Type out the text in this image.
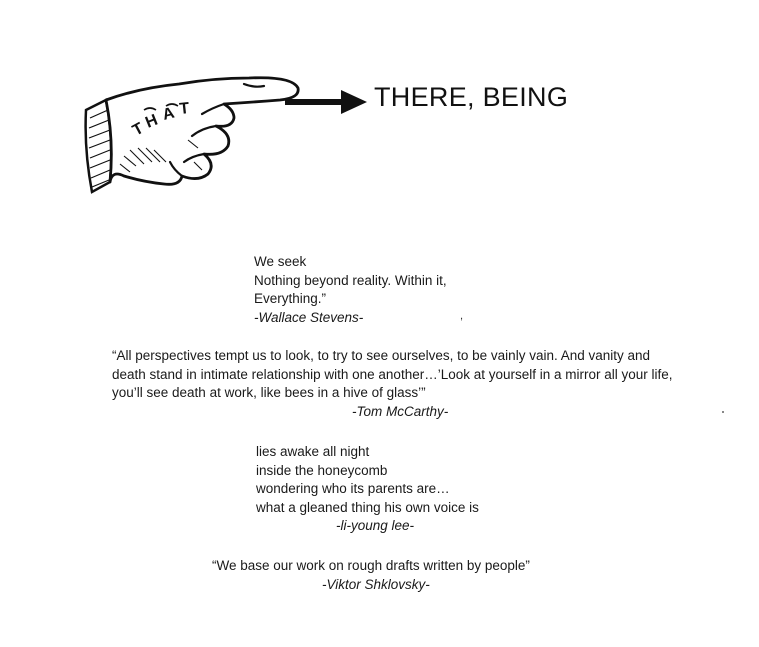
T
H A T	THERE, BEING
We seek
Nothing beyond reality. Within it,
Everything.”
-Wallace Stevens-	,
“All perspectives tempt us to look, to try to see ourselves, to be vainly vain. And vanity and
death stand in intimate relationship with one another…’Look at yourself in a mirror all your life,
you’ll see death at work, like bees in a hive of glass’”
-Tom McCarthy-
lies awake all night
inside the honeycomb
wondering who its parents are…
what a gleaned thing his own voice is
-li-young lee-
“We base our work on rough drafts written by people”
-Viktor Shklovsky-
